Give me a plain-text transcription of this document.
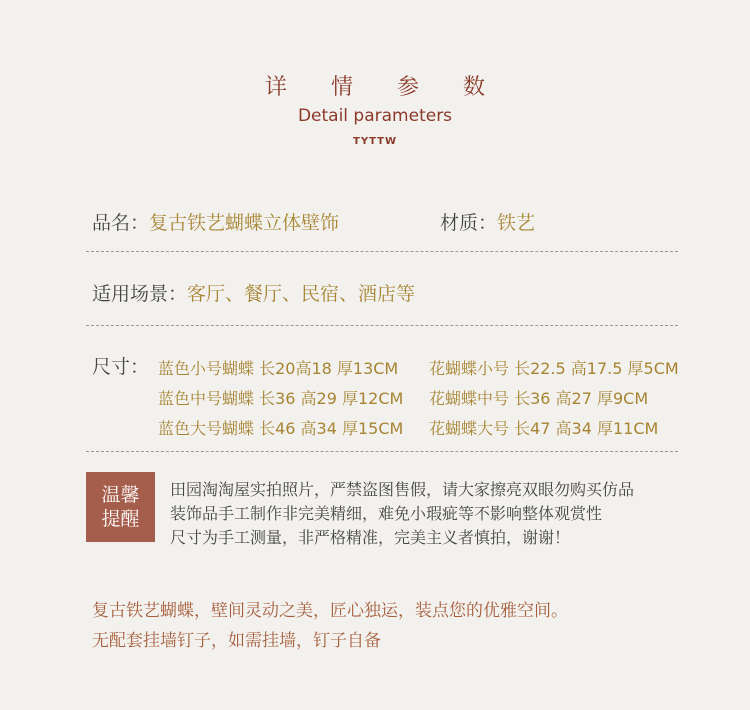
详 情 参 数
Detail parameters
TYTTW
品名：复古铁艺蝴蝶立体壁饰	材质：铁艺
适用场景：客厅、餐厅、民宿、酒店等
尺寸： 蓝色小号蝴蝶 长20高18 厚13CM 花蝴蝶小号 长22.5 高17.5 厚5CM
蓝色中号蝴蝶 长36 高29 厚12CM 花蝴蝶中号 长36 高27 厚9CM
蓝色大号蝴蝶 长46 高34 厚15CM 花蝴蝶大号 长47 高34 厚11CM
温馨
提醒
田园淘淘屋实拍照片，严禁盗图售假，请大家擦亮双眼勿购买仿品
装饰品手工制作非完美精细，难免小瑕疵等不影响整体观赏性
尺寸为手工测量，非严格精准，完美主义者慎拍，谢谢！
复古铁艺蝴蝶，壁间灵动之美，匠心独运，装点您的优雅空间。
无配套挂墙钉子，如需挂墙，钉子自备
